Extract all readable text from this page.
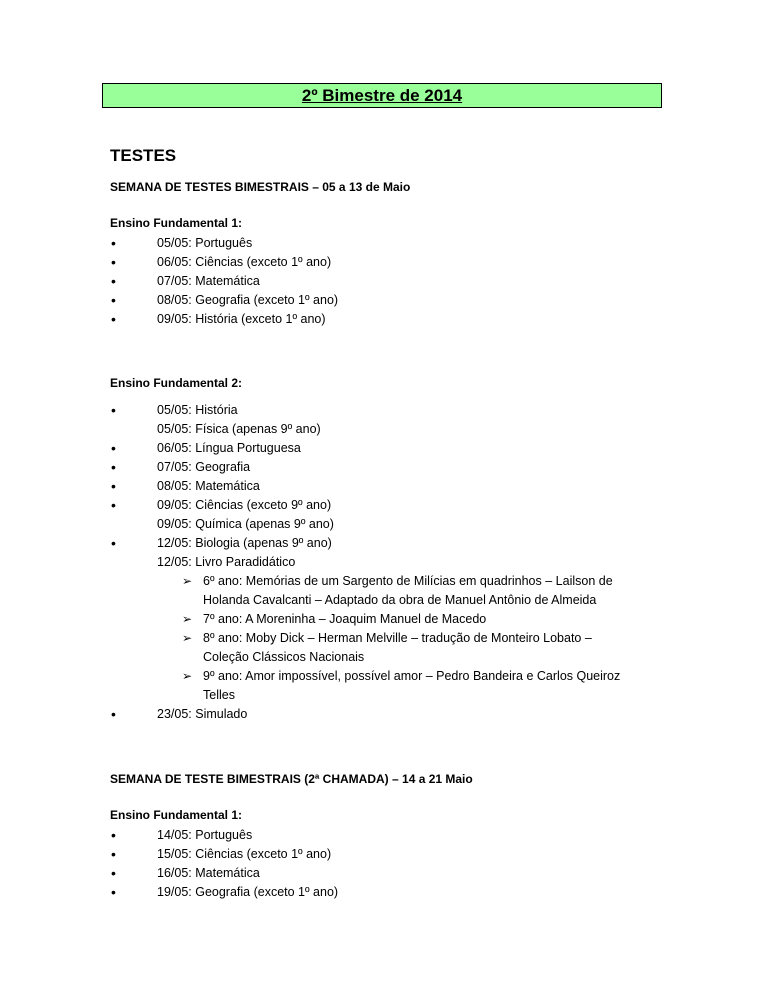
2º Bimestre de 2014
TESTES
SEMANA DE TESTES BIMESTRAIS – 05 a 13 de Maio
Ensino Fundamental 1:
•	05/05: Português
•	06/05: Ciências (exceto 1º ano)
•	07/05: Matemática
•	08/05: Geografia (exceto 1º ano)
•	09/05: História (exceto 1º ano)
Ensino Fundamental 2:
•	05/05: História
05/05: Física (apenas 9º ano)
•	06/05: Língua Portuguesa
•	07/05: Geografia
•	08/05: Matemática
•	09/05: Ciências (exceto 9º ano)
09/05: Química (apenas 9º ano)
•	12/05: Biologia (apenas 9º ano)
12/05: Livro Paradidático
➢ 6º ano: Memórias de um Sargento de Milícias em quadrinhos – Lailson de
Holanda Cavalcanti – Adaptado da obra de Manuel Antônio de Almeida
➢ 7º ano: A Moreninha – Joaquim Manuel de Macedo
➢ 8º ano: Moby Dick – Herman Melville – tradução de Monteiro Lobato –
Coleção Clássicos Nacionais
➢ 9º ano: Amor impossível, possível amor – Pedro Bandeira e Carlos Queiroz
Telles
•	23/05: Simulado
SEMANA DE TESTE BIMESTRAIS (2ª CHAMADA) – 14 a 21 Maio
Ensino Fundamental 1:
•	14/05: Português
•	15/05: Ciências (exceto 1º ano)
•	16/05: Matemática
•	19/05: Geografia (exceto 1º ano)
